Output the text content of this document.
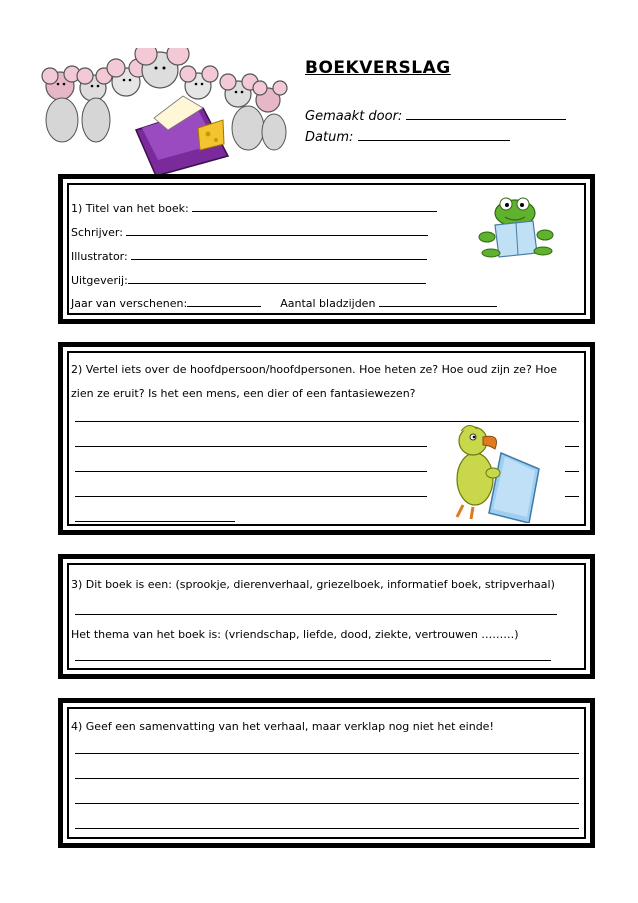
BOEKVERSLAG
Gemaakt door:
Datum:
1) Titel van het boek:
Schrijver:
Illustrator:
Uitgeverij:
Jaar van verschenen:	Aantal bladzijden
2) Vertel iets over de hoofdpersoon/hoofdpersonen. Hoe heten ze? Hoe oud zijn ze? Hoe
zien ze eruit? Is het een mens, een dier of een fantasiewezen?
3) Dit boek is een: (sprookje, dierenverhaal, griezelboek, informatief boek, stripverhaal)
Het thema van het boek is: (vriendschap, liefde, dood, ziekte, vertrouwen ………)
4) Geef een samenvatting van het verhaal, maar verklap nog niet het einde!
